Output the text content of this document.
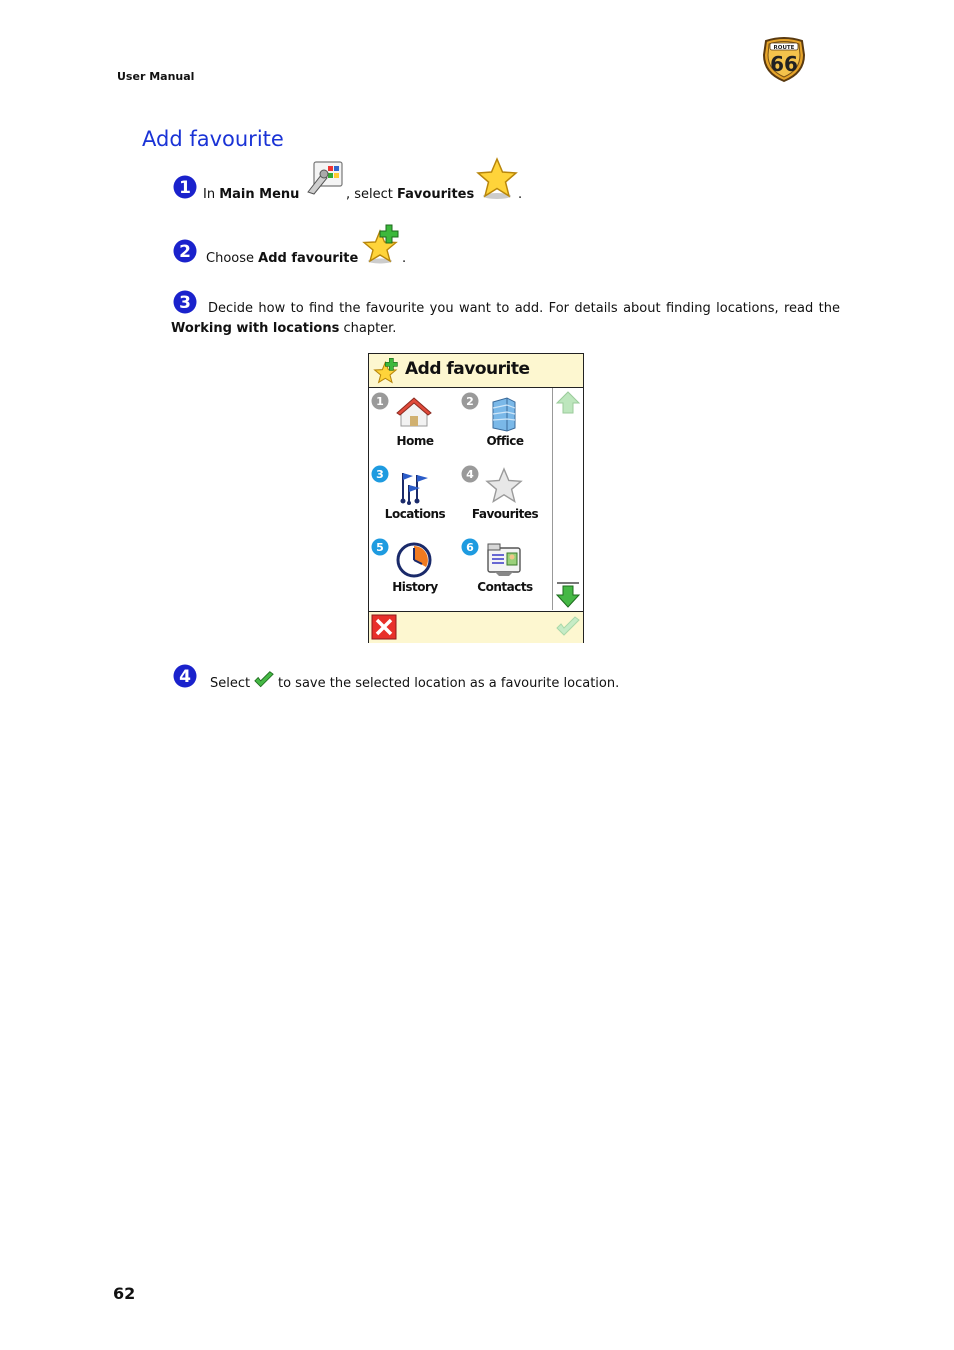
User Manual
ROUTE
66
Add favourite
1 In Main Menu	, select Favourites	.
2 Choose Add favourite	.
3	Decide how to find the favourite you want to add. For details about finding locations, read the Working with locations chapter.
Add favourite
1
Home
2
Office
3
Locations
4
Favourites
5
History
6
Contacts
4 Select to save the selected location as a favourite location.
62
